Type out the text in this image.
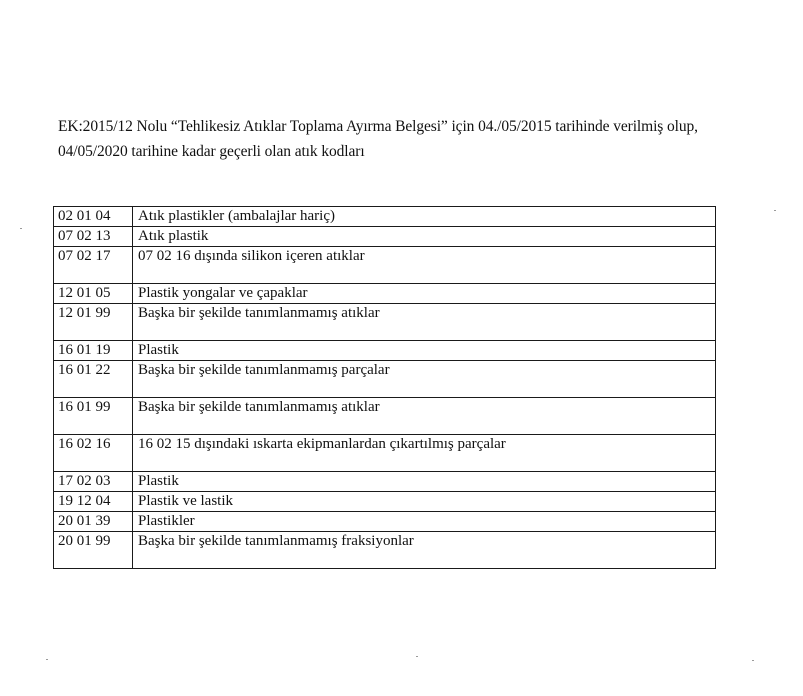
EK:2015/12 Nolu “Tehlikesiz Atıklar Toplama Ayırma Belgesi” için 04./05/2015 tarihinde verilmiş olup,

04/05/2020 tarihine kadar geçerli olan atık kodları

02 01 04	Atık plastikler (ambalajlar hariç)
07 02 13	Atık plastik
07 02 17	07 02 16 dışında silikon içeren atıklar
12 01 05	Plastik yongalar ve çapaklar
12 01 99	Başka bir şekilde tanımlanmamış atıklar
16 01 19	Plastik
16 01 22	Başka bir şekilde tanımlanmamış parçalar
16 01 99	Başka bir şekilde tanımlanmamış atıklar
16 02 16	16 02 15 dışındaki ıskarta ekipmanlardan çıkartılmış parçalar
17 02 03	Plastik
19 12 04	Plastik ve lastik
20 01 39	Plastikler
20 01 99	Başka bir şekilde tanımlanmamış fraksiyonlar
